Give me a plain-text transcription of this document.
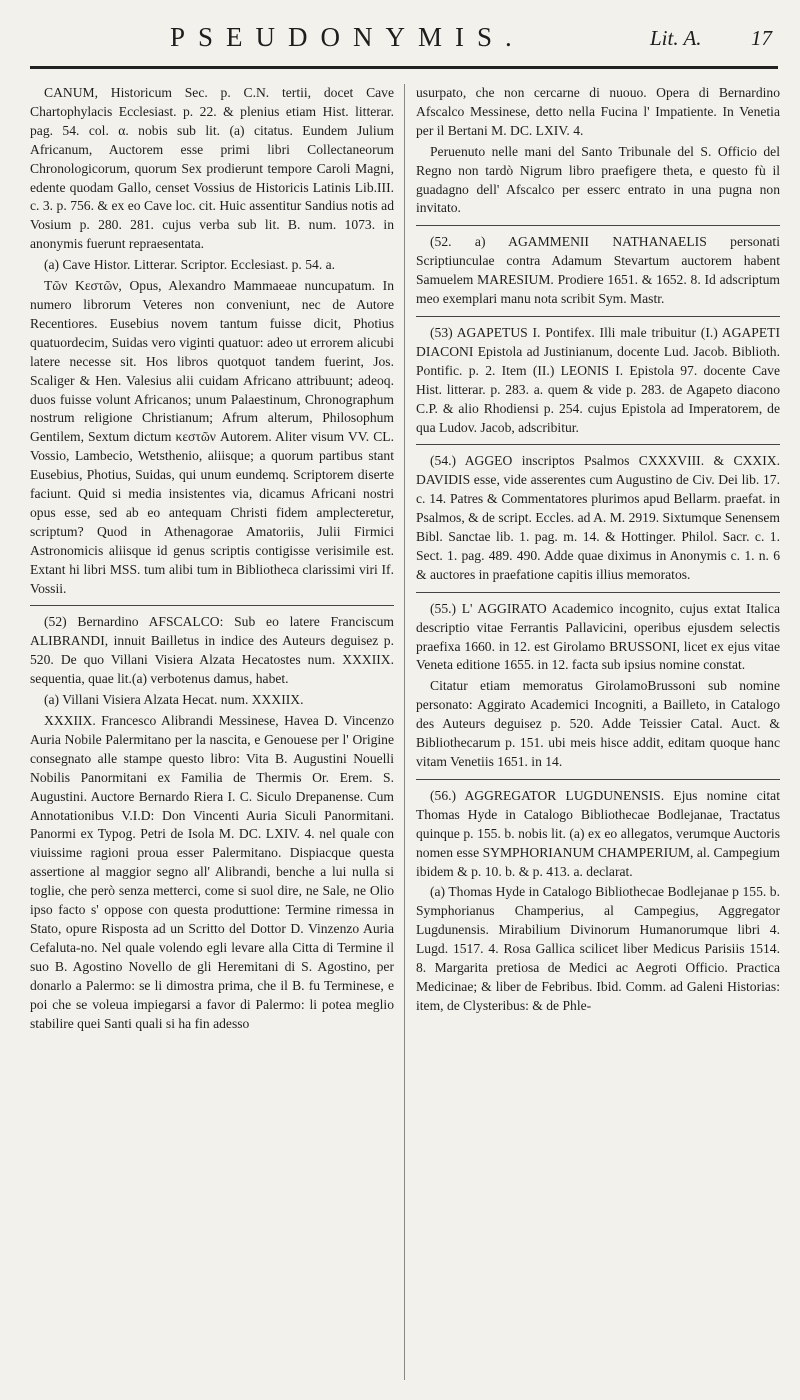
PSEUDONYMIS.	Lit. A. 17

CANUM, Historicum Sec. p. C.N. tertii, docet Cave Chartophylacis Ecclesiast. p. 22. & plenius etiam Hist. litterar. pag. 54. col. α. nobis sub lit. (a) citatus. Eundem Julium Africanum, Auctorem esse primi libri Collectaneorum Chronologicorum, quorum Sex prodierunt tempore Caroli Magni, edente quodam Gallo, censet Vossius de Historicis Latinis Lib.III. c. 3. p. 756. & ex eo Cave loc. cit. Huic assentitur Sandius notis ad Vosium p. 280. 281. cujus verba sub lit. B. num. 1073. in anonymis fuerunt repraesentata.

(a) Cave Histor. Litterar. Scriptor. Ecclesiast. p. 54. a.

Τῶν Κεστῶν, Opus, Alexandro Mammaeae nuncupatum. In numero librorum Veteres non conveniunt, nec de Autore Recentiores. Eusebius novem tantum fuisse dicit, Photius quatuordecim, Suidas vero viginti quatuor: adeo ut errorem alicubi latere necesse sit. Hos libros quotquot tandem fuerint, Jos. Scaliger & Hen. Valesius alii cuidam Africano attribuunt; adeoq. duos fuisse volunt Africanos; unum Palaestinum, Chronographum nostrum religione Christianum; Afrum alterum, Philosophum Gentilem, Sextum dictum κεστῶν Autorem. Aliter visum VV. CL. Vossio, Lambecio, Wetsthenio, aliisque; a quorum partibus stant Eusebius, Photius, Suidas, qui unum eundemq. Scriptorem diserte faciunt. Quid si media insistentes via, dicamus Africani nostri opus esse, sed ab eo antequam Christi fidem amplecteretur, scriptum? Quod in Athenagorae Amatoriis, Julii Firmici Astronomicis aliisque id genus scriptis contigisse verisimile est. Extant hi libri MSS. tum alibi tum in Bibliotheca clarissimi viri If. Vossii.

(52) Bernardino AFSCALCO: Sub eo latere Franciscum ALIBRANDI, innuit Bailletus in indice des Auteurs deguisez p. 520. De quo Villani Visiera Alzata Hecatostes num. XXXIIX. sequentia, quae lit.(a) verbotenus damus, habet.

(a) Villani Visiera Alzata Hecat. num. XXXIIX.

XXXIIX. Francesco Alibrandi Messinese, Havea D. Vincenzo Auria Nobile Palermitano per la nascita, e Genouese per l' Origine consegnato alle stampe questo libro: Vita B. Augustini Nouelli Nobilis Panormitani ex Familia de Thermis Or. Erem. S. Augustini. Auctore Bernardo Riera I. C. Siculo Drepanense. Cum Annotationibus V.I.D: Don Vincenti Auria Siculi Panormitani. Panormi ex Typog. Petri de Isola M. DC. LXIV. 4. nel quale con viuissime ragioni proua esser Palermitano. Dispiacque questa assertione al maggior segno all' Alibrandi, benche a lui nulla si toglie, che però senza metterci, come si suol dire, ne Sale, ne Olio ipso facto s' oppose con questa produttione: Termine rimessa in Stato, opure Risposta ad un Scritto del Dottor D. Vinzenzo Auria Cefaluta-no. Nel quale volendo egli levare alla Citta di Termine il suo B. Agostino Novello de gli Heremitani di S. Agostino, per donarlo a Palermo: se li dimostra prima, che il B. fu Terminese, e poi che se voleua impiegarsi a favor di Palermo: li potea meglio stabilire quei Santi quali si ha fin adesso

usurpato, che non cercarne di nuouo. Opera di Bernardino Afscalco Messinese, detto nella Fucina l' Impatiente. In Venetia per il Bertani M. DC. LXIV. 4.

Peruenuto nelle mani del Santo Tribunale del S. Officio del Regno non tardò Nigrum libro praefigere theta, e questo fù il guadagno dell' Afscalco per esserc entrato in una pugna non invitato.

(52. a) AGAMMENII NATHANAELIS personati Scriptiunculae contra Adamum Stevartum auctorem habent Samuelem MARESIUM. Prodiere 1651. & 1652. 8. Id adscriptum meo exemplari manu nota scribit Sym. Mastr.

(53) AGAPETUS I. Pontifex. Illi male tribuitur (I.) AGAPETI DIACONI Epistola ad Justinianum, docente Lud. Jacob. Biblioth. Pontific. p. 2. Item (II.) LEONIS I. Epistola 97. docente Cave Hist. litterar. p. 283. a. quem & vide p. 283. de Agapeto diacono C.P. & alio Rhodiensi p. 254. cujus Epistola ad Imperatorem, de qua Ludov. Jacob, adscribitur.

(54.) AGGEO inscriptos Psalmos CXXXVIII. & CXXIX. DAVIDIS esse, vide asserentes cum Augustino de Civ. Dei lib. 17. c. 14. Patres & Commentatores plurimos apud Bellarm. praefat. in Psalmos, & de script. Eccles. ad A. M. 2919. Sixtumque Senensem Bibl. Sanctae lib. 1. pag. m. 14. & Hottinger. Philol. Sacr. c. 1. Sect. 1. pag. 489. 490. Adde quae diximus in Anonymis c. 1. n. 6 & auctores in praefatione capitis illius memoratos.

(55.) L' AGGIRATO Academico incognito, cujus extat Italica descriptio vitae Ferrantis Pallavicini, operibus ejusdem selectis praefixa 1660. in 12. est Girolamo BRUSSONI, licet ex ejus vitae Veneta editione 1655. in 12. facta sub ipsius nomine constat.

Citatur etiam memoratus GirolamoBrussoni sub nomine personato: Aggirato Academici Incogniti, a Bailleto, in Catalogo des Auteurs deguisez p. 520. Adde Teissier Catal. Auct. & Bibliothecarum p. 151. ubi meis hisce addit, editam quoque hanc vitam Venetiis 1651. in 14.

(56.) AGGREGATOR LUGDUNENSIS. Ejus nomine citat Thomas Hyde in Catalogo Bibliothecae Bodlejanae, Tractatus quinque p. 155. b. nobis lit. (a) ex eo allegatos, verumque Auctoris nomen esse SYMPHORIANUM CHAMPERIUM, al. Campegium ibidem & p. 10. b. & p. 413. a. declarat.

(a) Thomas Hyde in Catalogo Bibliothecae Bodlejanae p 155. b. Symphorianus Champerius, al Campegius, Aggregator Lugdunensis. Mirabilium Divinorum Humanorumque libri 4. Lugd. 1517. 4. Rosa Gallica scilicet liber Medicus Parisiis 1514. 8. Margarita pretiosa de Medici ac Aegroti Officio. Practica Medicinae; & liber de Febribus. Ibid. Comm. ad Galeni Historias: item, de Clysteribus: & de Phle-
